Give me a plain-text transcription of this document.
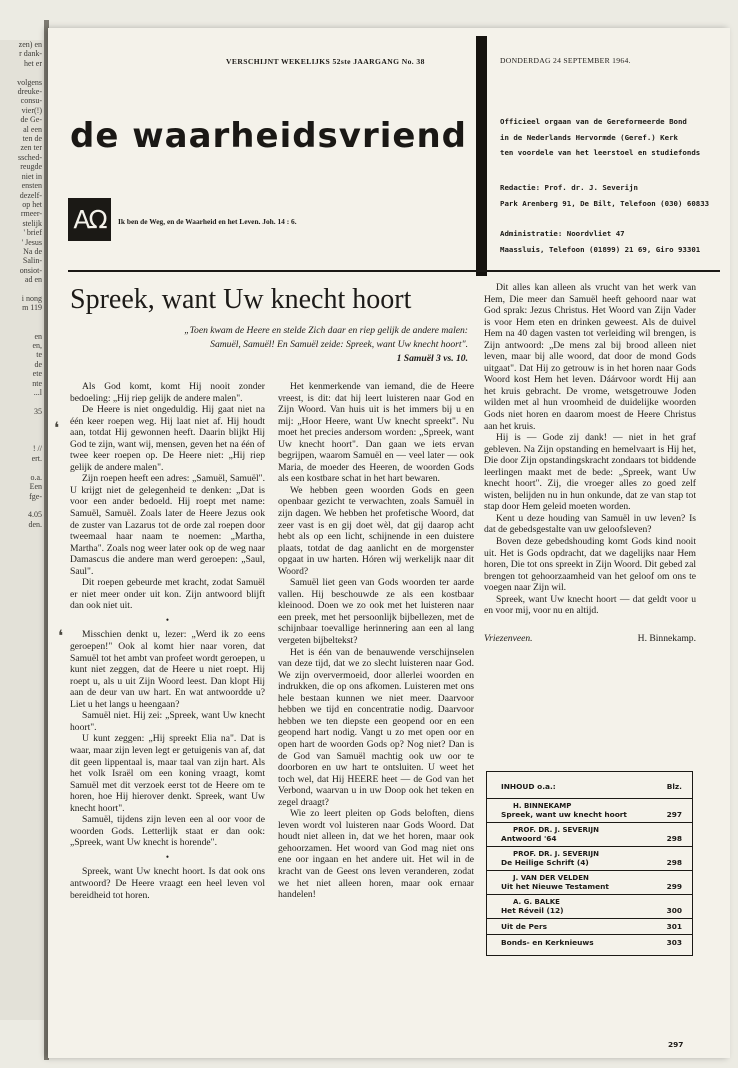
zen) en
r dank-
het er

volgens
dreuke-
consu-
vier(!)
de Ge-
al een
ten de
zen ter
ssched-
reugde
niet in
ensten
dezelf-
op het
rmeer-
stelijk
' brief
' Jesus
Na de
Salin-
onsiot-
ad en

i nong
m 119

en
en,
te
de
ete
nte
...l

35

! //
ert.

o.a.
Een
fge-

4.05
den.
VERSCHIJNT WEKELIJKS 52ste JAARGANG No. 38	DONDERDAG 24 SEPTEMBER 1964.
de waarheidsvriend
ΑΩ	Ik ben de Weg, en de Waarheid en het Leven. Joh. 14 : 6.
Officieel orgaan van de Gereformeerde Bond
in de Nederlands Hervormde (Geref.) Kerk
ten voordele van het leerstoel en studiefonds
Redactie: Prof. dr. J. Severijn
Park Arenberg 91, De Bilt, Telefoon (030) 60833
Administratie: Noordvliet 47
Maassluis, Telefoon (01899) 21 69, Giro 93301
Spreek, want Uw knecht hoort
„Toen kwam de Heere en stelde Zich daar en riep gelijk de andere malen:
Samuël, Samuël! En Samuël zeide: Spreek, want Uw knecht hoort".
1 Samuël 3 vs. 10.

Als God komt, komt Hij nooit zonder bedoeling: „Hij riep gelijk de andere malen".

De Heere is niet ongeduldig. Hij gaat niet na één keer roepen weg. Hij laat niet af. Hij houdt aan, totdat Hij gewonnen heeft. Daarin blijkt Hij God te zijn, want wij, mensen, geven het na één of twee keer roepen op. De Heere niet: „Hij riep gelijk de andere malen".

Zijn roepen heeft een adres: „Samuël, Samuël". U krijgt niet de gelegenheid te denken: „Dat is voor een ander bedoeld. Hij roept met name: Samuël, Samuël. Zoals later de Heere Jezus ook de zuster van Lazarus tot de orde zal roepen door tweemaal haar naam te noemen: „Martha, Martha". Zoals nog weer later ook op de weg naar Damascus die andere man werd geroepen: „Saul, Saul".

Dit roepen gebeurde met kracht, zodat Samuël er niet meer onder uit kon. Zijn antwoord blijft dan ook niet uit.

•

Misschien denkt u, lezer: „Werd ik zo eens geroepen!" Ook al komt hier naar voren, dat Samuël tot het ambt van profeet wordt geroepen, u kunt niet zeggen, dat de Heere u niet roept. Hij roept u, als u uit Zijn Woord leest. Dan klopt Hij aan de deur van uw hart. En wat antwoordde u? Liet u het langs u heengaan?

Samuël niet. Hij zei: „Spreek, want Uw knecht hoort".

U kunt zeggen: „Hij spreekt Elia na". Dat is waar, maar zijn leven legt er getuigenis van af, dat dit geen lippentaal is, maar taal van zijn hart. Als het volk Israël om een koning vraagt, komt Samuël met dit verzoek eerst tot de Heere om te horen, hoe Hij hierover denkt. Spreek, want Uw knecht hoort".

Samuël, tijdens zijn leven een al oor voor de woorden Gods. Letterlijk staat er dan ook: „Spreek, want Uw knecht is horende".

•

Spreek, want Uw knecht hoort. Is dat ook ons antwoord? De Heere vraagt een heel leven vol bereidheid tot horen.

Het kenmerkende van iemand, die de Heere vreest, is dit: dat hij leert luisteren naar God en Zijn Woord. Van huis uit is het immers bij u en mij: „Hoor Heere, want Uw knecht spreekt". Nu moet het precies andersom worden: „Spreek, want Uw knecht hoort". Dan gaan we iets ervan begrijpen, waarom Samuël en — veel later — ook Maria, de moeder des Heeren, de woorden Gods als een kostbare schat in het hart bewaren.

We hebben geen woorden Gods en geen openbaar gezicht te verwachten, zoals Samuël in zijn dagen. We hebben het profetische Woord, dat zeer vast is en gij doet wèl, dat gij daarop acht hebt als op een licht, schijnende in een duistere plaats, totdat de dag aanlicht en de morgenster opgaat in uw harten. Hóren wij werkelijk naar dit Woord?

Samuël liet geen van Gods woorden ter aarde vallen. Hij beschouwde ze als een kostbaar kleinood. Doen we zo ook met het luisteren naar een preek, met het persoonlijk bijbellezen, met de schijnbaar toevallige herinnering aan een al lang vergeten bijbeltekst?

Het is één van de benauwende verschijnselen van deze tijd, dat we zo slecht luisteren naar God. We zijn oververmoeid, door allerlei woorden en indrukken, die op ons afkomen. Luisteren met ons hele bestaan kunnen we niet meer. Daarvoor hebben we tijd en concentratie nodig. Daarvoor hebben we ten diepste een geopend oor en een geopend hart nodig. Vangt u zo met open oor en open hart de woorden Gods op? Nog niet? Dan is de God van Samuël machtig ook uw oor te doorboren en uw hart te ontsluiten. U weet het toch wel, dat Hij HEERE heet — de God van het Verbond, waarvan u in uw Doop ook het teken en zegel draagt?

Wie zo leert pleiten op Gods beloften, diens leven wordt vol luisteren naar Gods Woord. Dat houdt niet alleen in, dat we het horen, maar ook gehoorzamen. Het woord van God mag niet ons ene oor ingaan en het andere uit. Het wil in de kracht van de Geest ons leven veranderen, zodat we het niet alleen horen, maar ook ernaar handelen!

Dit alles kan alleen als vrucht van het werk van Hem, Die meer dan Samuël heeft gehoord naar wat God sprak: Jezus Christus. Het Woord van Zijn Vader is voor Hem eten en drinken geweest. Als de duivel Hem na 40 dagen vasten tot verleiding wil brengen, is Zijn antwoord: „De mens zal bij brood alleen niet leven, maar bij alle woord, dat door de mond Gods uitgaat". Dat Hij zo getrouw is in het horen naar Gods Woord kost Hem het leven. Dáárvoor wordt Hij aan het kruis gebracht. De vrome, wetsgetrouwe Joden wilden met al hun vroomheid de duidelijke woorden Gods niet horen en daarom moest de Heere Christus aan het kruis.

Hij is — Gode zij dank! — niet in het graf gebleven. Na Zijn opstanding en hemelvaart is Hij het, Die door Zijn opstandingskracht zondaars tot biddende leerlingen maakt met de bede: „Spreek, want Uw knecht hoort". Zij, die vroeger alles zo goed zelf wisten, belijden nu in hun onkunde, dat ze van stap tot stap door Hem geleid moeten worden.

Kent u deze houding van Samuël in uw leven? Is dat de gebedsgestalte van uw geloofsleven?

Boven deze gebedshouding komt Gods kind nooit uit. Het is Gods opdracht, dat we dagelijks naar Hem horen, Die tot ons spreekt in Zijn Woord. Dit gebed zal brengen tot gehoorzaamheid van het geloof om ons te voegen naar Zijn wil.

Spreek, want Uw knecht hoort — dat geldt voor u en voor mij, voor nu en altijd.

Vriezenveen.	H. Binnekamp.
INHOUD o.a.:	Blz.
H. BINNEKAMP
Spreek, want uw knecht hoort	297
PROF. DR. J. SEVERIJN
Antwoord '64	298
PROF. DR. J. SEVERIJN
De Heilige Schrift (4)	298
J. VAN DER VELDEN
Uit het Nieuwe Testament	299
A. G. BALKE
Het Réveil (12)	300
Uit de Pers	301
Bonds- en Kerknieuws	303
297
❛
❛
